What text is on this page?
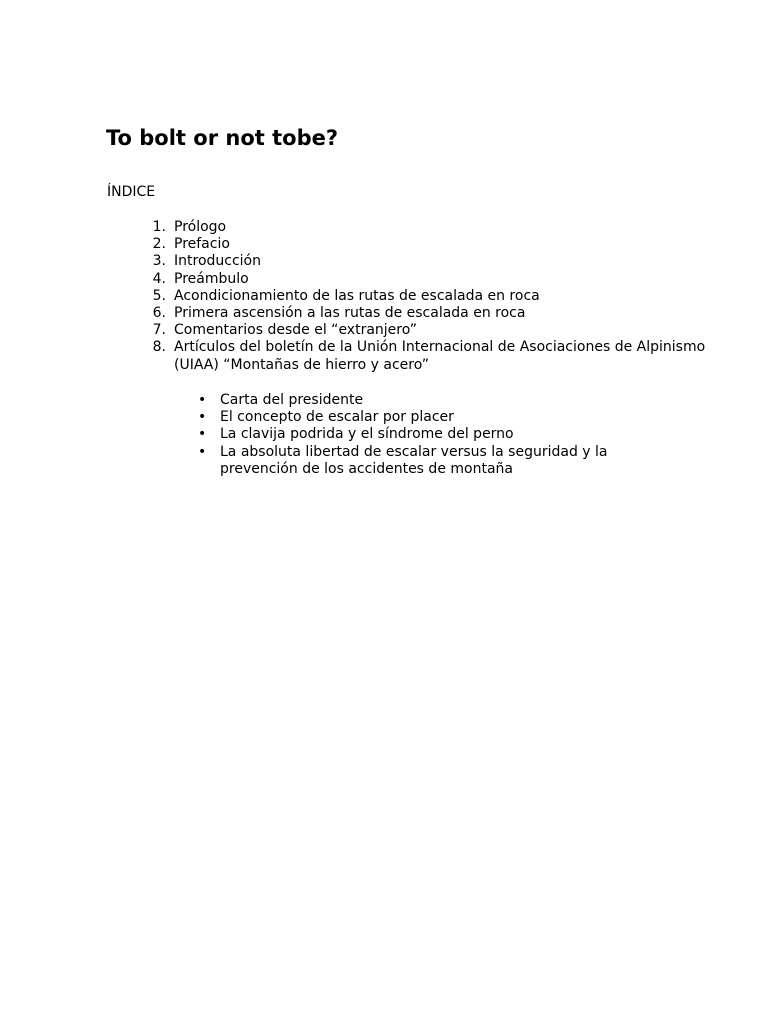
To bolt or not tobe?
ÍNDICE
1. Prólogo
2. Prefacio
3. Introducción
4. Preámbulo
5. Acondicionamiento de las rutas de escalada en roca
6. Primera ascensión a las rutas de escalada en roca
7. Comentarios desde el “extranjero”
8. Artículos del boletín de la Unión Internacional de Asociaciones de Alpinismo (UIAA) “Montañas de hierro y acero”
• Carta del presidente
• El concepto de escalar por placer
• La clavija podrida y el síndrome del perno
• La absoluta libertad de escalar versus la seguridad y la prevención de los accidentes de montaña
